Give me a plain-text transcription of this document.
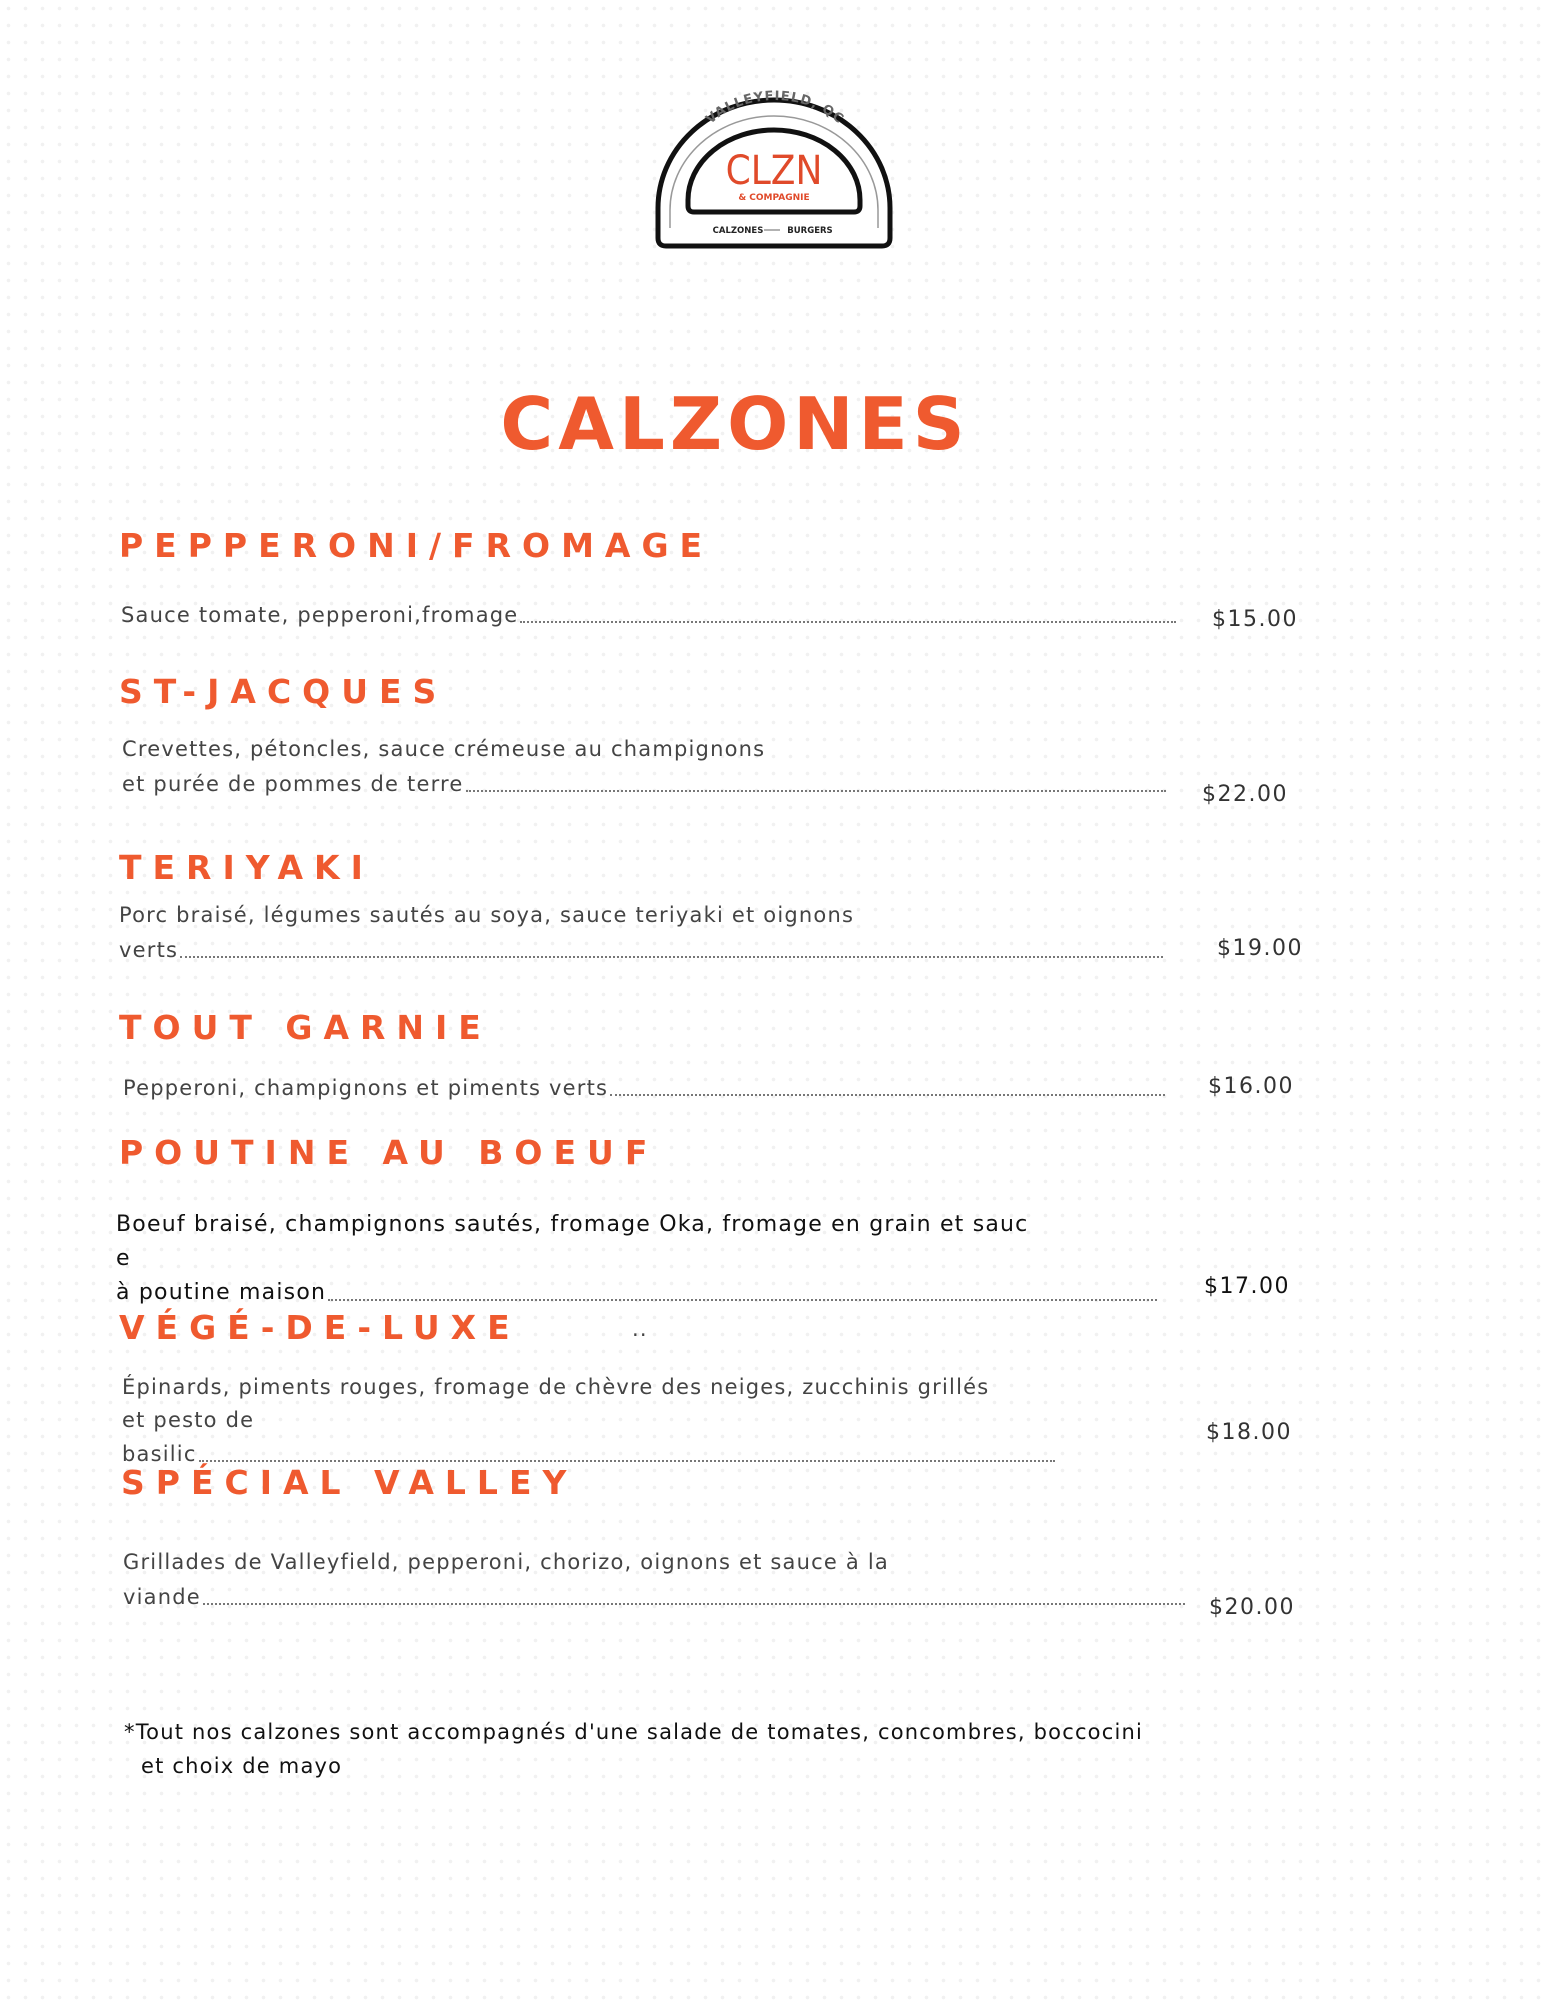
VALLEYFIELD, QC
CLZN
& COMPAGNIE
CALZONES	BURGERS
CALZONES
PEPPERONI/FROMAGE
Sauce tomate, pepperoni,fromage	$15.00
ST-JACQUES
Crevettes, pétoncles, sauce crémeuse au champignons
et purée de pommes de terre	$22.00
TERIYAKI
Porc braisé, légumes sautés au soya, sauce teriyaki et oignons
verts	$19.00
TOUT GARNIE
Pepperoni, champignons et piments verts	$16.00
POUTINE AU BOEUF
Boeuf braisé, champignons sautés, fromage Oka, fromage en grain et sauc
e
à poutine maison	$17.00
VÉGÉ-DE-LUXE	..
Épinards, piments rouges, fromage de chèvre des neiges, zucchinis grillés
et pesto de
basilic
$18.00
SPÉCIAL VALLEY
Grillades de Valleyfield, pepperoni, chorizo, oignons et sauce à la
viande	$20.00
*Tout nos calzones sont accompagnés d'une salade de tomates, concombres, boccocini
et choix de mayo
